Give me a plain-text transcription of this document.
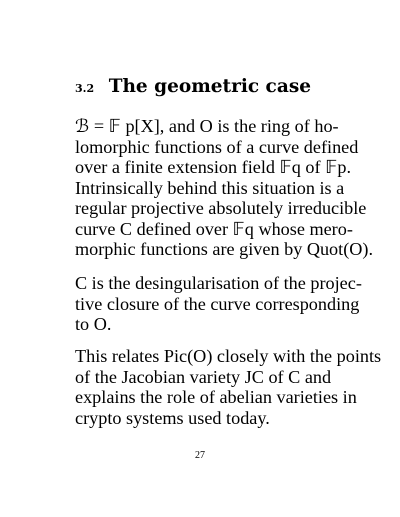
3.2 The geometric case
ℬ = 𝔽 p[X], and O is the ring of ho-
lomorphic functions of a curve defined
over a finite extension field 𝔽q of 𝔽p.
Intrinsically behind this situation is a
regular projective absolutely irreducible
curve C defined over 𝔽q whose mero-
morphic functions are given by Quot(O).
C is the desingularisation of the projec-
tive closure of the curve corresponding
to O.
This relates Pic(O) closely with the points
of the Jacobian variety JC of C and
explains the role of abelian varieties in
crypto systems used today.
27
